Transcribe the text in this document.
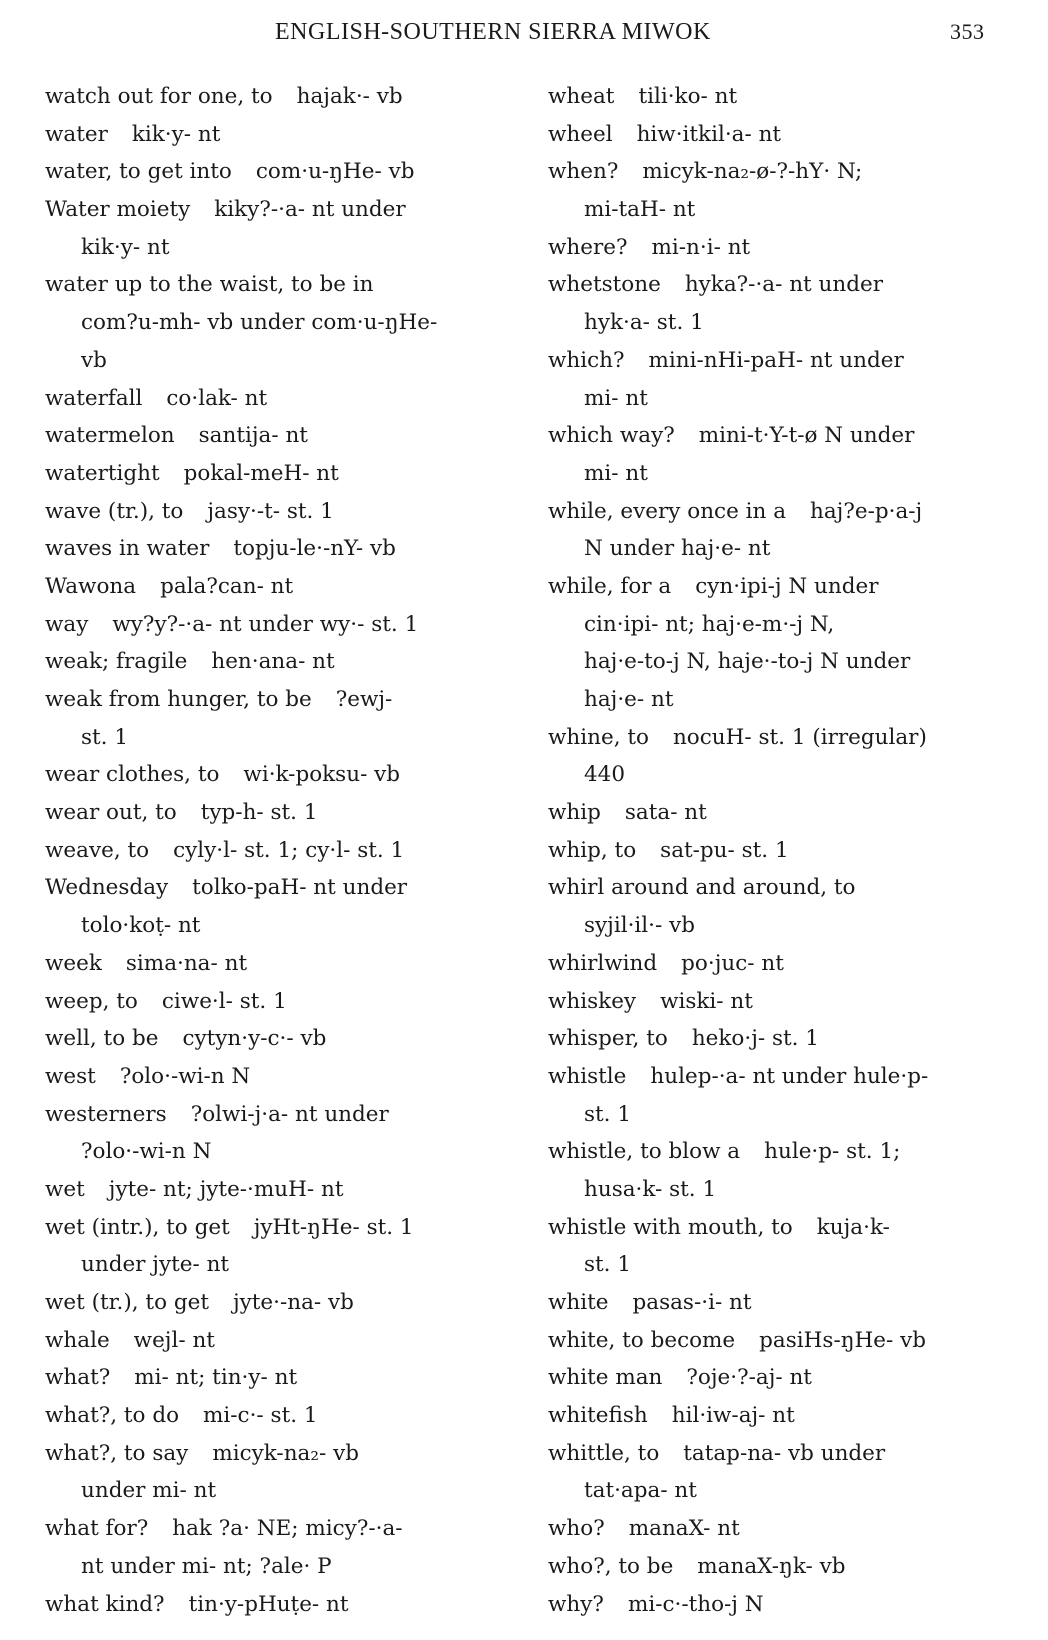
ENGLISH-SOUTHERN SIERRA MIWOK	353
watch out for one, to hajak·- vb
water kik·y- nt
water, to get into com·u-ŋHe- vb
Water moiety kiky?-·a- nt under
kik·y- nt
water up to the waist, to be in
com?u-mh- vb under com·u-ŋHe-
vb
waterfall co·lak- nt
watermelon santija- nt
watertight pokal-meH- nt
wave (tr.), to jasy·-t- st. 1
waves in water topju-le·-nY- vb
Wawona pala?can- nt
way wy?y?-·a- nt under wy·- st. 1
weak; fragile hen·ana- nt
weak from hunger, to be ?ewj-
st. 1
wear clothes, to wi·k-poksu- vb
wear out, to typ-h- st. 1
weave, to cyly·l- st. 1; cy·l- st. 1
Wednesday tolko-paH- nt under
tolo·koṭ- nt
week sima·na- nt
weep, to ciwe·l- st. 1
well, to be cytyn·y-c·- vb
west ?olo·-wi-n N
westerners ?olwi-j·a- nt under
?olo·-wi-n N
wet jyte- nt; jyte-·muH- nt
wet (intr.), to get jyHt-ŋHe- st. 1
under jyte- nt
wet (tr.), to get jyte·-na- vb
whale wejl- nt
what? mi- nt; tin·y- nt
what?, to do mi-c·- st. 1
what?, to say micyk-na₂- vb
under mi- nt
what for? hak ?a· NE; micy?-·a-
nt under mi- nt; ?ale· P
what kind? tin·y-pHuṭe- nt
wheat tili·ko- nt
wheel hiw·itkil·a- nt
when? micyk-na₂-ø-?-hY· N;
mi-taH- nt
where? mi-n·i- nt
whetstone hyka?-·a- nt under
hyk·a- st. 1
which? mini-nHi-paH- nt under
mi- nt
which way? mini-t·Y-t-ø N under
mi- nt
while, every once in a haj?e-p·a-j
N under haj·e- nt
while, for a cyn·ipi-j N under
cin·ipi- nt; haj·e-m·-j N,
haj·e-to-j N, haje·-to-j N under
haj·e- nt
whine, to nocuH- st. 1 (irregular)
440
whip sata- nt
whip, to sat-pu- st. 1
whirl around and around, to
syjil·il·- vb
whirlwind po·juc- nt
whiskey wiski- nt
whisper, to heko·j- st. 1
whistle hulep-·a- nt under hule·p-
st. 1
whistle, to blow a hule·p- st. 1;
husa·k- st. 1
whistle with mouth, to kuja·k-
st. 1
white pasas-·i- nt
white, to become pasiHs-ŋHe- vb
white man ?oje·?-aj- nt
whitefish hil·iw-aj- nt
whittle, to tatap-na- vb under
tat·apa- nt
who? manaX- nt
who?, to be manaX-ŋk- vb
why? mi-c·-tho-j N
